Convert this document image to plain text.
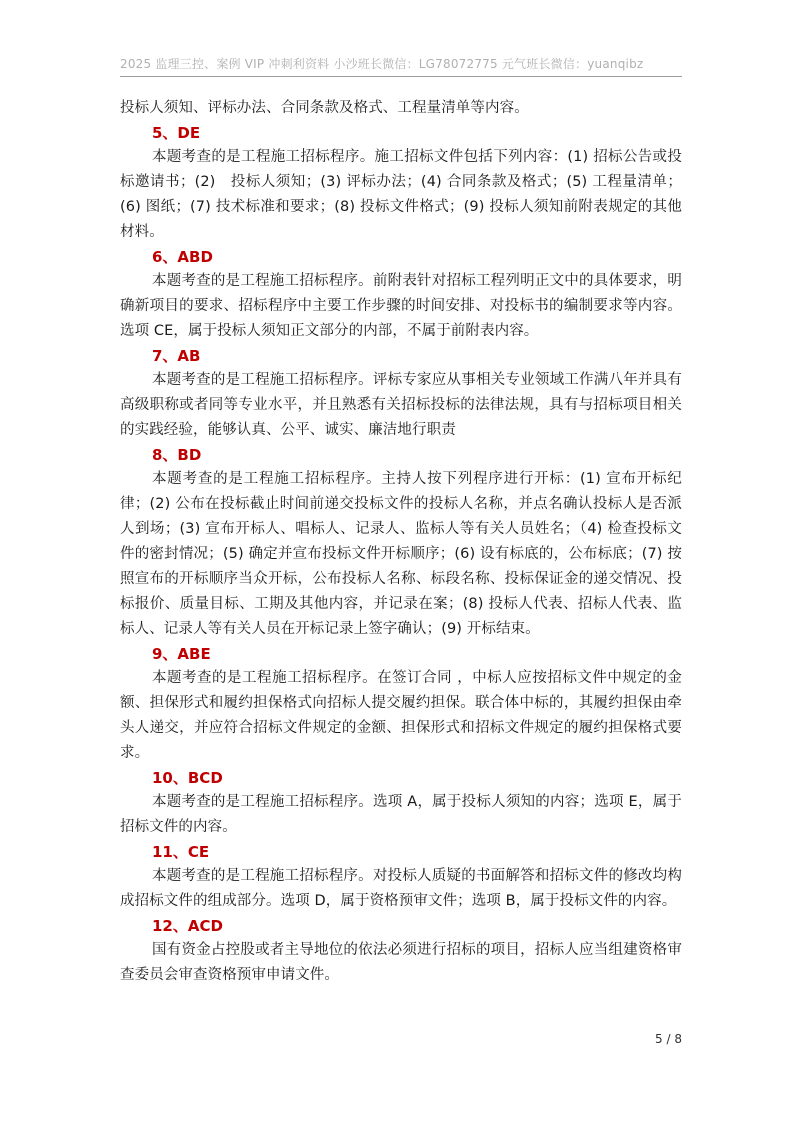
2025 监理三控、案例 VIP 冲刺利资料 小沙班长微信：LG78072775 元气班长微信：yuanqibz

投标人须知、评标办法、合同条款及格式、工程量清单等内容。

5、DE

本题考查的是工程施工招标程序。施工招标文件包括下列内容：(1) 招标公告或投标邀请书；(2)　投标人须知；(3) 评标办法；(4) 合同条款及格式；(5) 工程量清单；(6) 图纸；(7) 技术标准和要求；(8) 投标文件格式；(9) 投标人须知前附表规定的其他材料。

6、ABD

本题考查的是工程施工招标程序。前附表针对招标工程列明正文中的具体要求，明确新项目的要求、招标程序中主要工作步骤的时间安排、对投标书的编制要求等内容。选项 CE，属于投标人须知正文部分的内部，不属于前附表内容。

7、AB

本题考查的是工程施工招标程序。评标专家应从事相关专业领域工作满八年并具有高级职称或者同等专业水平，并且熟悉有关招标投标的法律法规，具有与招标项目相关的实践经验，能够认真、公平、诚实、廉洁地行职责

8、BD

本题考查的是工程施工招标程序。主持人按下列程序进行开标：(1) 宣布开标纪律；(2) 公布在投标截止时间前递交投标文件的投标人名称，并点名确认投标人是否派人到场；(3) 宣布开标人、唱标人、记录人、监标人等有关人员姓名；（4) 检查投标文件的密封情况；(5) 确定并宣布投标文件开标顺序；(6) 设有标底的，公布标底；(7) 按照宣布的开标顺序当众开标，公布投标人名称、标段名称、投标保证金的递交情况、投标报价、质量目标、工期及其他内容，并记录在案；(8) 投标人代表、招标人代表、监标人、记录人等有关人员在开标记录上签字确认；(9) 开标结束。

9、ABE

本题考查的是工程施工招标程序。在签订合同 ，中标人应按招标文件中规定的金额、担保形式和履约担保格式向招标人提交履约担保。联合体中标的，其履约担保由牵头人递交，并应符合招标文件规定的金额、担保形式和招标文件规定的履约担保格式要求。

10、BCD

本题考查的是工程施工招标程序。选项 A，属于投标人须知的内容；选项 E，属于招标文件的内容。

11、CE

本题考查的是工程施工招标程序。对投标人质疑的书面解答和招标文件的修改均构成招标文件的组成部分。选项 D，属于资格预审文件；选项 B，属于投标文件的内容。

12、ACD

国有资金占控股或者主导地位的依法必须进行招标的项目，招标人应当组建资格审查委员会审查资格预审申请文件。

5 / 8
